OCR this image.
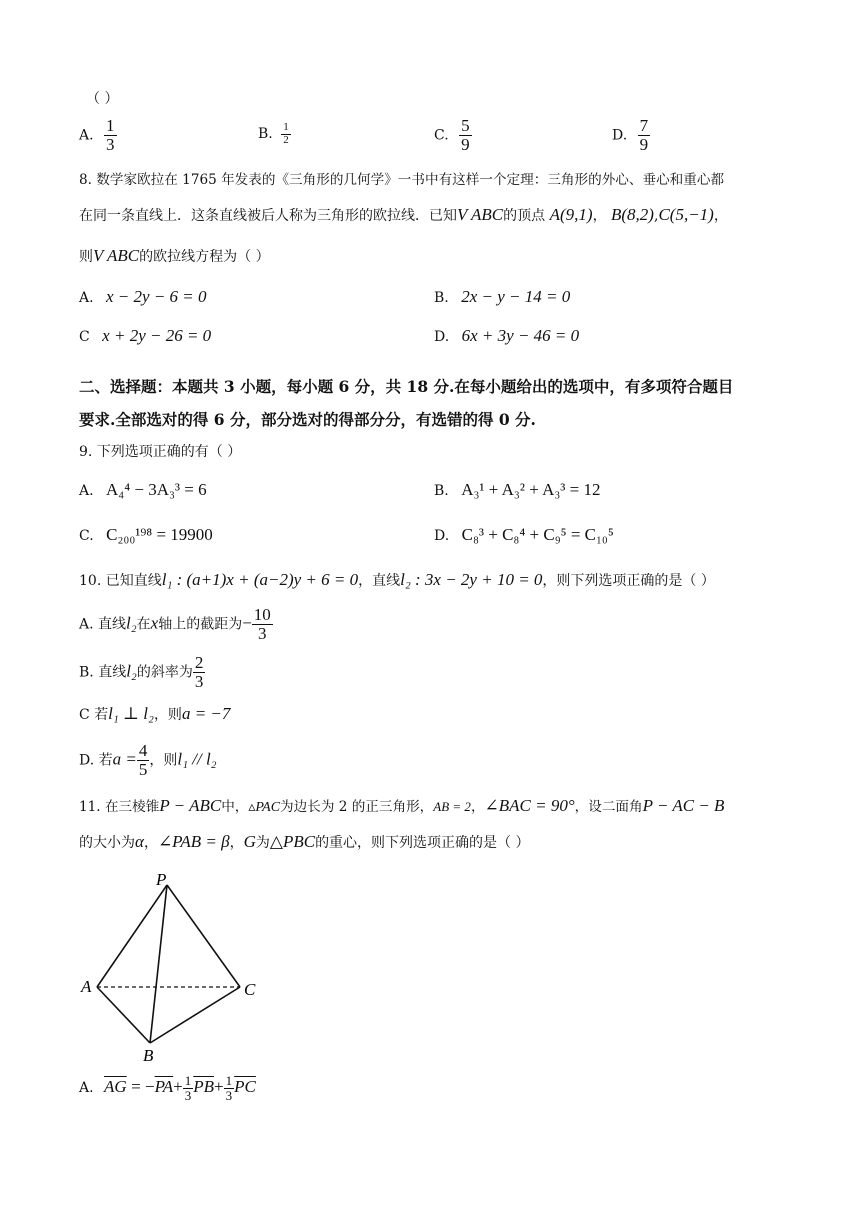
（ ）
A. $\frac{1}{3}$	B. $\frac{1}{2}$	C. $\frac{5}{9}$	D. $\frac{7}{9}$
8. 数学家欧拉在 1765 年发表的《三角形的几何学》一书中有这样一个定理：三角形的外心、垂心和重心都
在同一条直线上．这条直线被后人称为三角形的欧拉线．已知V ABC的顶点 A(9,1)， B(8,2),C(5,−1)，
则V ABC的欧拉线方程为（ ）
A. x − 2y − 6 = 0	B. 2x − y − 14 = 0
C x + 2y − 26 = 0	D. 6x + 3y − 46 = 0
二、选择题：本题共 3 小题，每小题 6 分，共 18 分.在每小题给出的选项中，有多项符合题目
要求.全部选对的得 6 分，部分选对的得部分分，有选错的得 0 分.
9. 下列选项正确的有（ ）
A. A₄⁴ − 3A₃³ = 6	B. A₃¹ + A₃² + A₃³ = 12
C. C₂₀₀¹⁹⁸ = 19900	D. C₈³ + C₈⁴ + C₉⁵ = C₁₀⁵
10. 已知直线l₁ : (a+1)x + (a−2)y + 6 = 0，直线l₂ : 3x − 2y + 10 = 0，则下列选项正确的是（ ）
A. 直线l₂在x轴上的截距为− $\frac{10}{3}$
B. 直线l₂的斜率为 $\frac{2}{3}$
C 若l₁ ⊥ l₂，则a = −7
D. 若$a = \frac{4}{5}$ ，则l₁ // l₂
11. 在三棱锥P − ABC中，▵PAC为边长为 2 的正三角形，AB = 2，∠BAC = 90°，设二面角P − AC − B
的大小为α，∠PAB = β，G为△PBC的重心，则下列选项正确的是（ ）
P
A
B
C
A. $\overline{AG} = -\overline{PA}+ \frac{1}{3} \overline{PB}+ \frac{1}{3} \overline{PC}$
